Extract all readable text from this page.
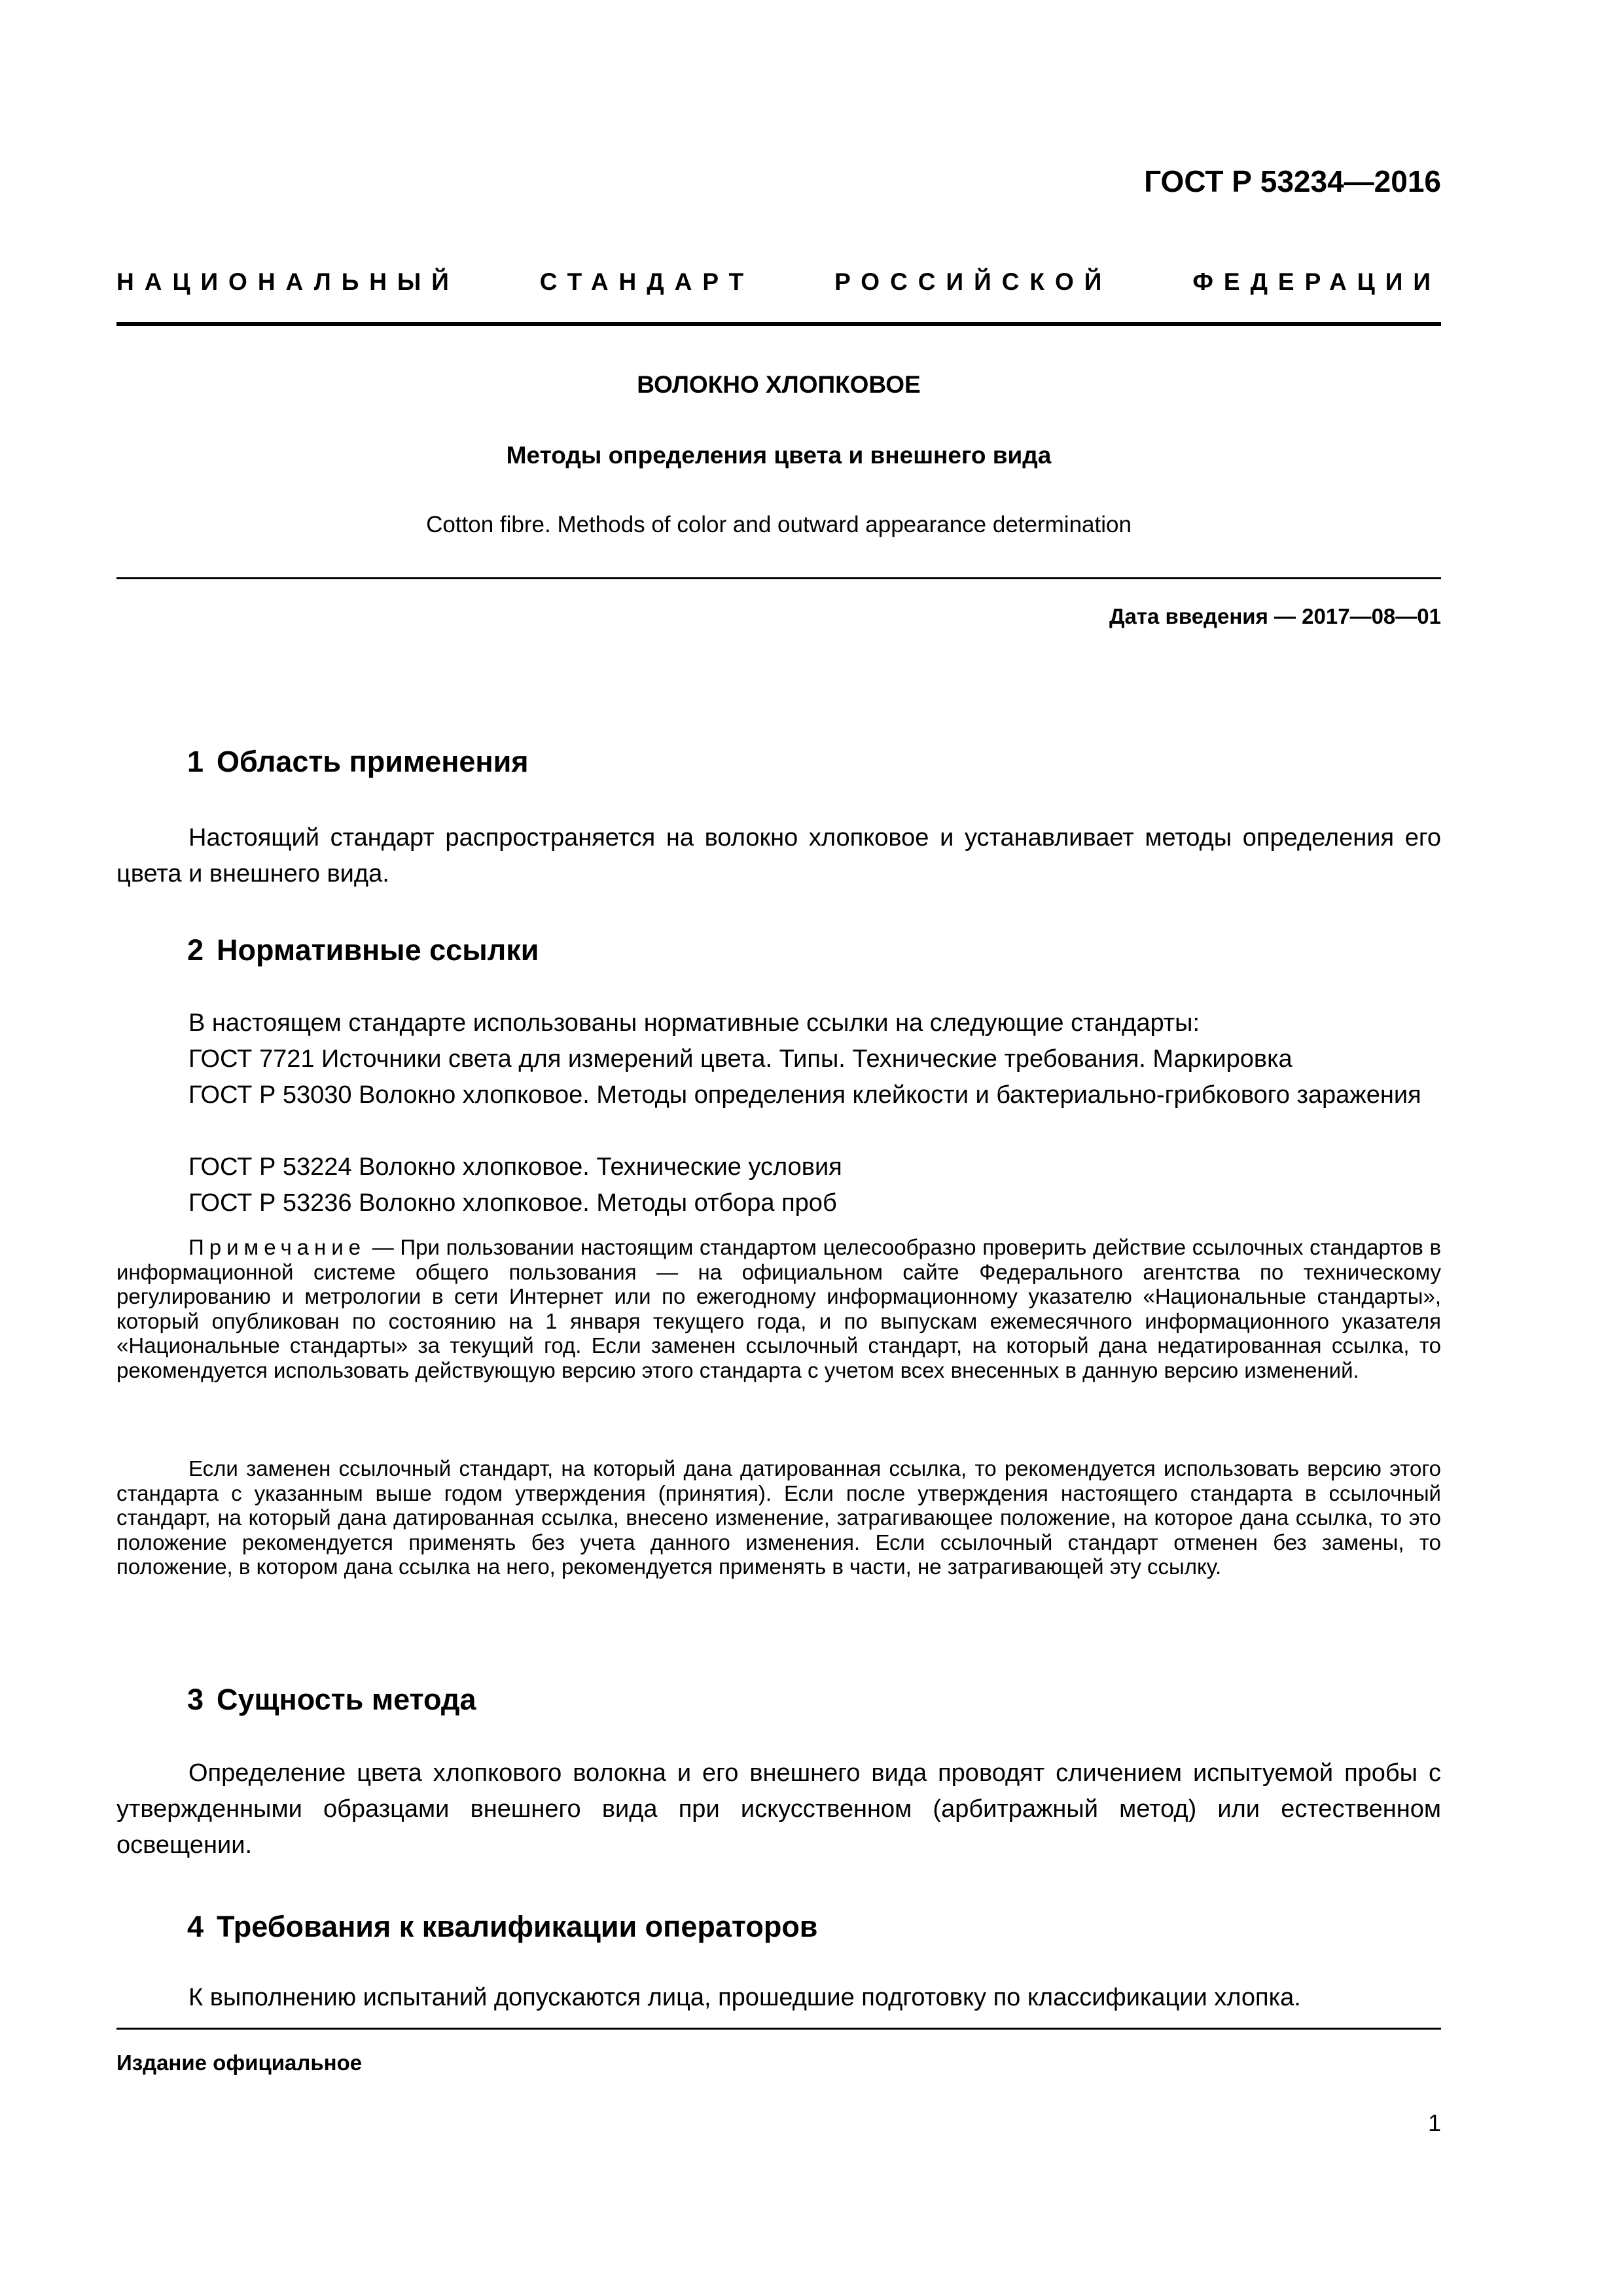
ГОСТ Р 53234—2016
НАЦИОНАЛЬНЫЙ	СТАНДАРТ	РОССИЙСКОЙ	ФЕДЕРАЦИИ
ВОЛОКНО ХЛОПКОВОЕ
Методы определения цвета и внешнего вида
Cotton fibre. Methods of color and outward appearance determination
Дата введения — 2017—08—01
1 Область применения
Настоящий стандарт распространяется на волокно хлопковое и устанавливает методы определения его цвета и внешнего вида.
2 Нормативные ссылки
В настоящем стандарте использованы нормативные ссылки на следующие стандарты:
ГОСТ 7721 Источники света для измерений цвета. Типы. Технические требования. Маркировка
ГОСТ Р 53030 Волокно хлопковое. Методы определения клейкости и бактериально-грибкового заражения
ГОСТ Р 53224 Волокно хлопковое. Технические условия
ГОСТ Р 53236 Волокно хлопковое. Методы отбора проб
Примечание — При пользовании настоящим стандартом целесообразно проверить действие ссылочных стандартов в информационной системе общего пользования — на официальном сайте Федерального агентства по техническому регулированию и метрологии в сети Интернет или по ежегодному информационному указателю «Национальные стандарты», который опубликован по состоянию на 1 января текущего года, и по выпускам ежемесячного информационного указателя «Национальные стандарты» за текущий год. Если заменен ссылочный стандарт, на который дана недатированная ссылка, то рекомендуется использовать действующую версию этого стандарта с учетом всех внесенных в данную версию изменений.
Если заменен ссылочный стандарт, на который дана датированная ссылка, то рекомендуется использовать версию этого стандарта с указанным выше годом утверждения (принятия). Если после утверждения настоящего стандарта в ссылочный стандарт, на который дана датированная ссылка, внесено изменение, затрагивающее положение, на которое дана ссылка, то это положение рекомендуется применять без учета данного изменения. Если ссылочный стандарт отменен без замены, то положение, в котором дана ссылка на него, рекомендуется применять в части, не затрагивающей эту ссылку.
3 Сущность метода
Определение цвета хлопкового волокна и его внешнего вида проводят сличением испытуемой пробы с утвержденными образцами внешнего вида при искусственном (арбитражный метод) или естественном освещении.
4 Требования к квалификации операторов
К выполнению испытаний допускаются лица, прошедшие подготовку по классификации хлопка.
Издание официальное
1
